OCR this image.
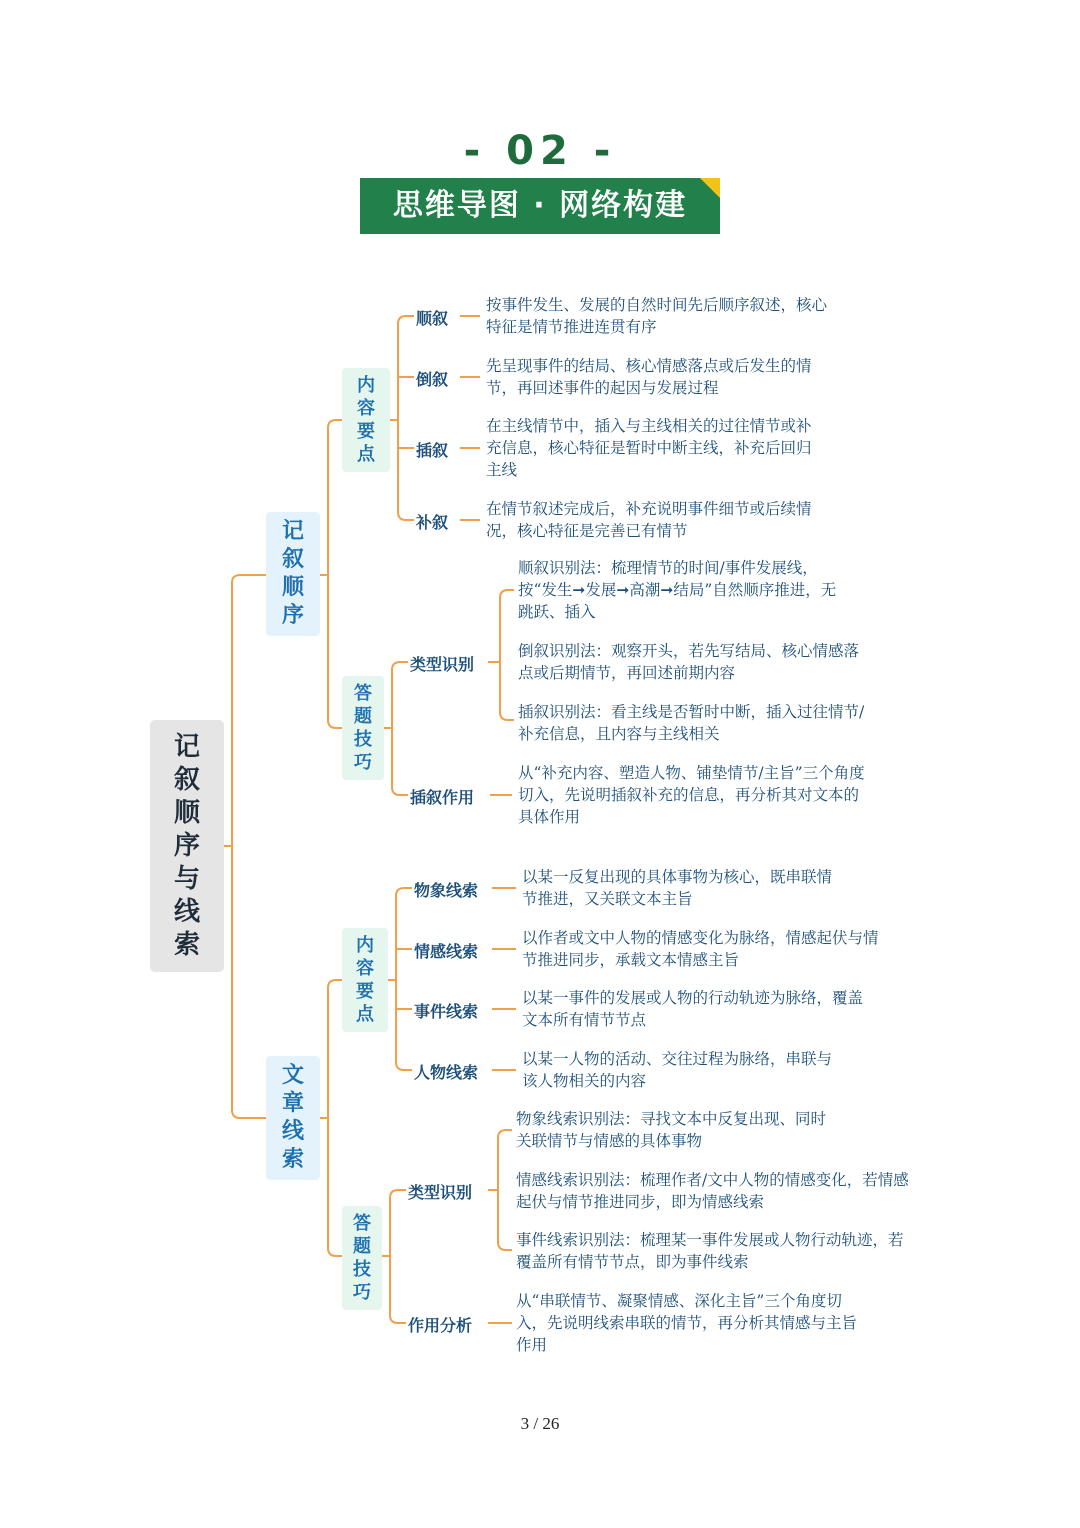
- 02 -
思维导图 · 网络构建
记叙顺序与线索
记叙顺序
内容要点
顺叙
按事件发生、发展的自然时间先后顺序叙述，核心特征是情节推进连贯有序
倒叙
先呈现事件的结局、核心情感落点或后发生的情节，再回述事件的起因与发展过程
插叙
在主线情节中，插入与主线相关的过往情节或补充信息，核心特征是暂时中断主线，补充后回归主线
补叙
在情节叙述完成后，补充说明事件细节或后续情况，核心特征是完善已有情节
答题技巧
类型识别
顺叙识别法：梳理情节的时间/事件发展线，按“发生➞发展➞高潮➞结局”自然顺序推进，无跳跃、插入
倒叙识别法：观察开头，若先写结局、核心情感落点或后期情节，再回述前期内容
插叙识别法：看主线是否暂时中断，插入过往情节/补充信息，且内容与主线相关
插叙作用
从“补充内容、塑造人物、铺垫情节/主旨”三个角度切入，先说明插叙补充的信息，再分析其对文本的具体作用
文章线索
内容要点
物象线索
以某一反复出现的具体事物为核心，既串联情节推进，又关联文本主旨
情感线索
以作者或文中人物的情感变化为脉络，情感起伏与情节推进同步，承载文本情感主旨
事件线索
以某一事件的发展或人物的行动轨迹为脉络，覆盖文本所有情节节点
人物线索
以某一人物的活动、交往过程为脉络，串联与该人物相关的内容
答题技巧
类型识别
物象线索识别法：寻找文本中反复出现、同时关联情节与情感的具体事物
情感线索识别法：梳理作者/文中人物的情感变化，若情感起伏与情节推进同步，即为情感线索
事件线索识别法：梳理某一事件发展或人物行动轨迹，若覆盖所有情节节点，即为事件线索
作用分析
从“串联情节、凝聚情感、深化主旨”三个角度切入，先说明线索串联的情节，再分析其情感与主旨作用
3 / 26
